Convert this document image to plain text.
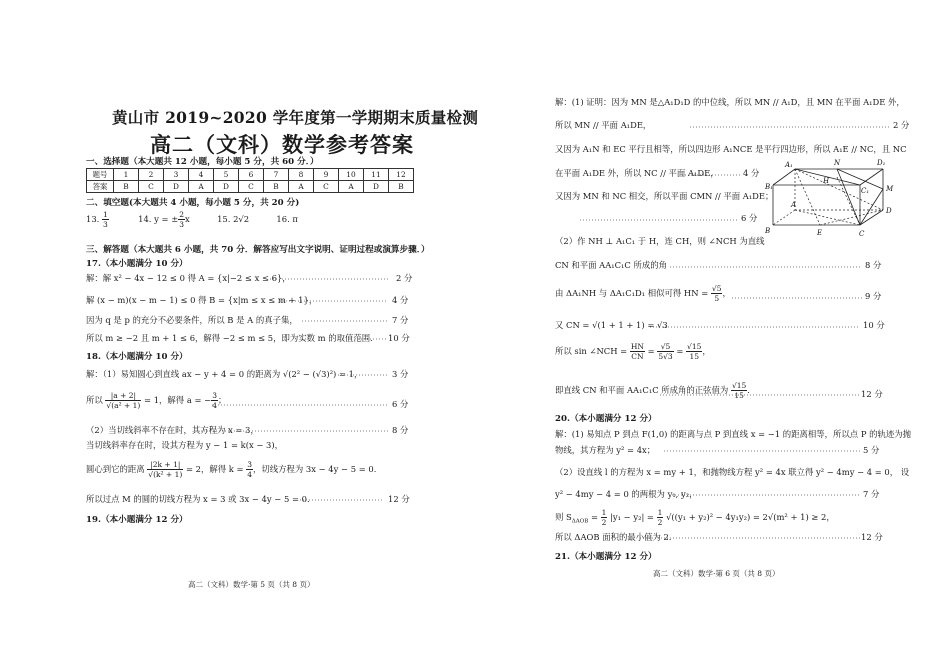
黄山市 2019~2020 学年度第一学期期末质量检测
高二（文科）数学参考答案
一、选择题（本大题共 12 小题，每小题 5 分，共 60 分．）
题号	1	2	3	4	5	6	7	8	9	10	11	12
答案	B	C	D	A	D	C	B	A	C	A	D	B
二、填空题(本大题共 4 小题，每小题 5 分，共 20 分)
13. $\frac{1}{3}$	14. y = ± $\frac{2}{3}$ x	15. 2√2	16. π
三、解答题（本大题共 6 小题，共 70 分．解答应写出文字说明、证明过程或演算步骤．）
17.（本小题满分 10 分）
解：解 x² − 4x − 12 ≤ 0 得 A = {x|−2 ≤ x ≤ 6}，	2 分
解 (x − m)(x − m − 1) ≤ 0 得 B = {x|m ≤ x ≤ m + 1}，	4 分
因为 q 是 p 的充分不必要条件，所以 B 是 A 的真子集，	7 分
所以 m ≥ −2 且 m + 1 ≤ 6，解得 −2 ≤ m ≤ 5，即为实数 m 的取值范围． 10 分
18.（本小题满分 10 分）
解：（1）易知圆心到直线 ax − y + 4 = 0 的距离为 √(2² − (√3)²) = 1，	3 分
所以 $\frac{|a + 2|}{\text{√(a² + 1)}} = 1$，解得 a = − $\frac{3}{4}$ ；	6 分
（2）当切线斜率不存在时，其方程为 x = 3，	8 分
当切线斜率存在时，设其方程为 y − 1 = k(x − 3)，
圆心到它的距离 $\frac{|2k + 1|}{\text{√(k² + 1)}} = 2$，解得 $k = \frac{3}{4}$ ，切线方程为 3x − 4y − 5 = 0．
所以过点 M 的圆的切线方程为 x = 3 或 3x − 4y − 5 = 0．	12 分
19.（本小题满分 12 分）
高二（文科）数学·第 5 页（共 8 页）
解：(1) 证明：因为 MN 是△A₁D₁D 的中位线，所以 MN // A₁D，且 MN 在平面 A₁DE 外，
所以 MN // 平面 A₁DE，	2 分
又因为 A₁N 和 EC 平行且相等，所以四边形 A₁NCE 是平行四边形，所以 A₁E // NC，且 NC
在平面 A₁DE 外，所以 NC // 平面 A₁DE，	4 分
又因为 MN 和 NC 相交，所以平面 CMN // 平面 A₁DE；
6 分
（2）作 NH ⊥ A₁C₁ 于 H，连 CH，则 ∠NCH 为直线
CN 和平面 AA₁C₁C 所成的角	8 分
由 ΔA₁NH 与 ΔA₁C₁D₁ 相似可得 HN = $\frac{√5}{5}$ ，	9 分
又 CN = √(1 + 1 + 1) = √3	10 分
所以 sin ∠NCH = $\frac{HN}{CN} = \frac{√5}{5√3} = \frac{√15}{15}$ ，
即直线 CN 和平面 AA₁C₁C 所成角的正弦值为 $\frac{√15}{15}$ ．	12 分
20.（本小题满分 12 分）
解：(1) 易知点 P 到点 F(1,0) 的距离与点 P 到直线 x = −1 的距离相等，所以点 P 的轨迹为抛
物线，其方程为 y² = 4x；	5 分
（2）设直线 l 的方程为 x = my + 1，和抛物线方程 y² = 4x 联立得 y² − 4my − 4 = 0， 设
y² − 4my − 4 = 0 的两根为 y₁, y₂，	7 分
则 $S_{\Delta AOB} = \frac{1}{2} |y_1 - y_2| = \frac{1}{2} √((y_1 + y_2)^2 - 4y_1y_2) = 2√(m^2 + 1) \ge 2$，
所以 ΔAOB 面积的最小值为 2．	12 分
21.（本小题满分 12 分）
高二（文科）数学·第 6 页（共 8 页）
A₁	N	D₁
B₁
H
C₁ M
A
D
B	E	C
